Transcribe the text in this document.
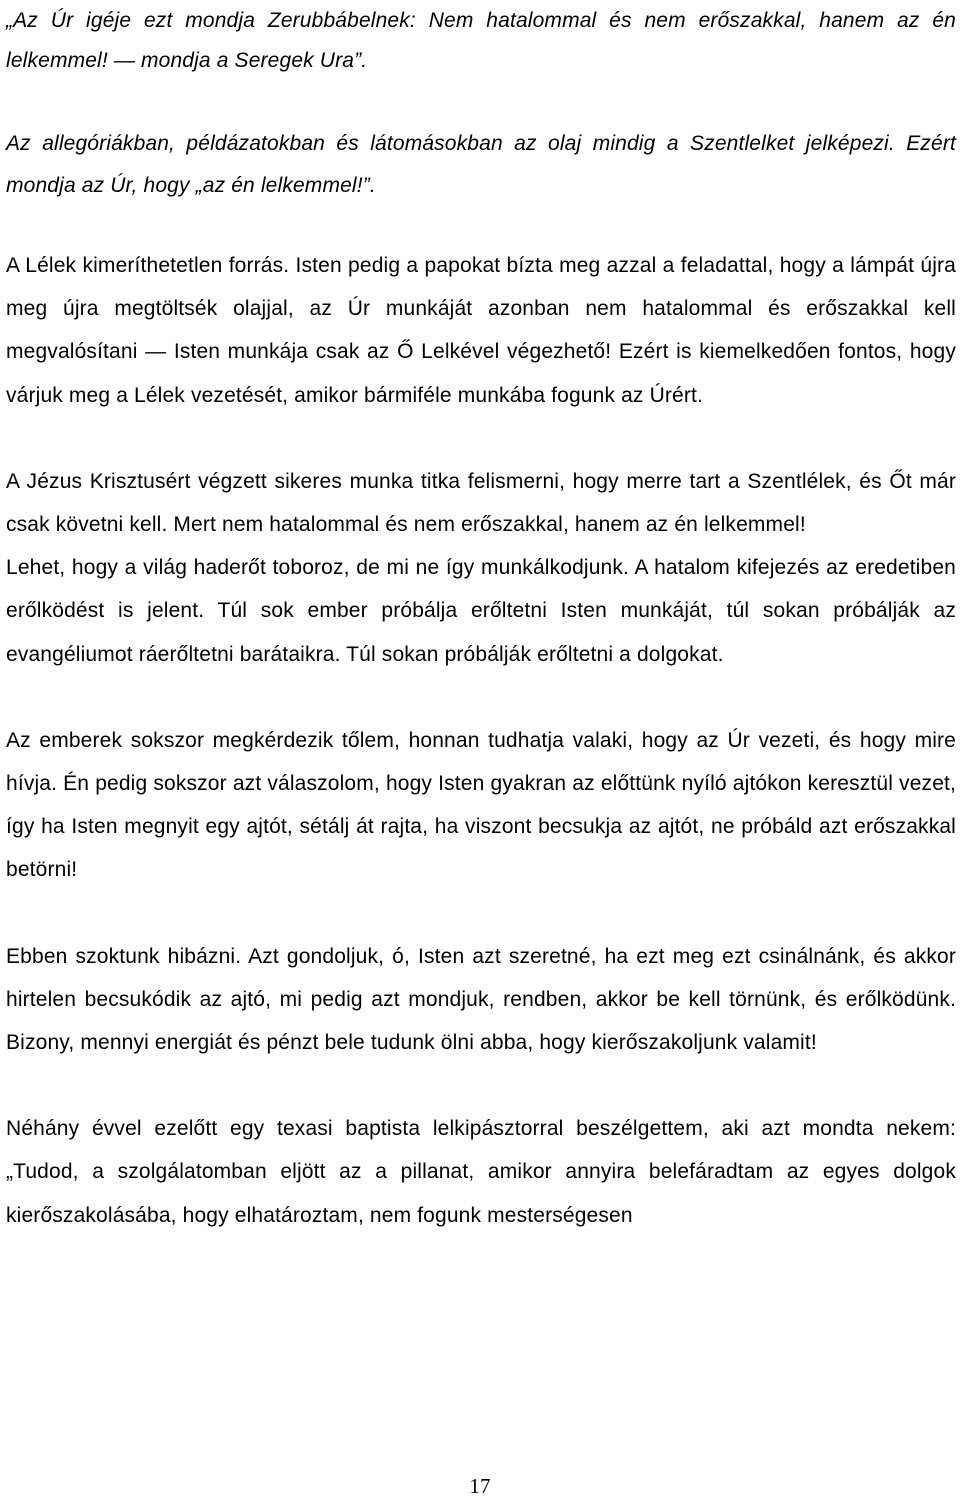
„Az Úr igéje ezt mondja Zerubbábelnek: Nem hatalommal és nem erőszakkal, hanem az én lelkemmel! — mondja a Seregek Ura”.

Az allegóriákban, példázatokban és látomásokban az olaj mindig a Szentlelket jelképezi. Ezért mondja az Úr, hogy „az én lelkemmel!”.

A Lélek kimeríthetetlen forrás. Isten pedig a papokat bízta meg azzal a feladattal, hogy a lámpát újra meg újra megtöltsék olajjal, az Úr munkáját azonban nem hatalommal és erőszakkal kell megvalósítani — Isten munkája csak az Ő Lelkével végezhető! Ezért is kiemelkedően fontos, hogy várjuk meg a Lélek vezetését, amikor bármiféle munkába fogunk az Úrért.

A Jézus Krisztusért végzett sikeres munka titka felismerni, hogy merre tart a Szentlélek, és Őt már csak követni kell. Mert nem hatalommal és nem erőszakkal, hanem az én lelkemmel!

Lehet, hogy a világ haderőt toboroz, de mi ne így munkálkodjunk. A hatalom kifejezés az eredetiben erőlködést is jelent. Túl sok ember próbálja erőltetni Isten munkáját, túl sokan próbálják az evangéliumot ráerőltetni barátaikra. Túl sokan próbálják erőltetni a dolgokat.

Az emberek sokszor megkérdezik tőlem, honnan tudhatja valaki, hogy az Úr vezeti, és hogy mire hívja. Én pedig sokszor azt válaszolom, hogy Isten gyakran az előttünk nyíló ajtókon keresztül vezet, így ha Isten megnyit egy ajtót, sétálj át rajta, ha viszont becsukja az ajtót, ne próbáld azt erőszakkal betörni!

Ebben szoktunk hibázni. Azt gondoljuk, ó, Isten azt szeretné, ha ezt meg ezt csinálnánk, és akkor hirtelen becsukódik az ajtó, mi pedig azt mondjuk, rendben, akkor be kell törnünk, és erőlködünk. Bizony, mennyi energiát és pénzt bele tudunk ölni abba, hogy kierőszakoljunk valamit!

Néhány évvel ezelőtt egy texasi baptista lelkipásztorral beszélgettem, aki azt mondta nekem: „Tudod, a szolgálatomban eljött az a pillanat, amikor annyira belefáradtam az egyes dolgok kierőszakolásába, hogy elhatároztam, nem fogunk mesterségesen

17
